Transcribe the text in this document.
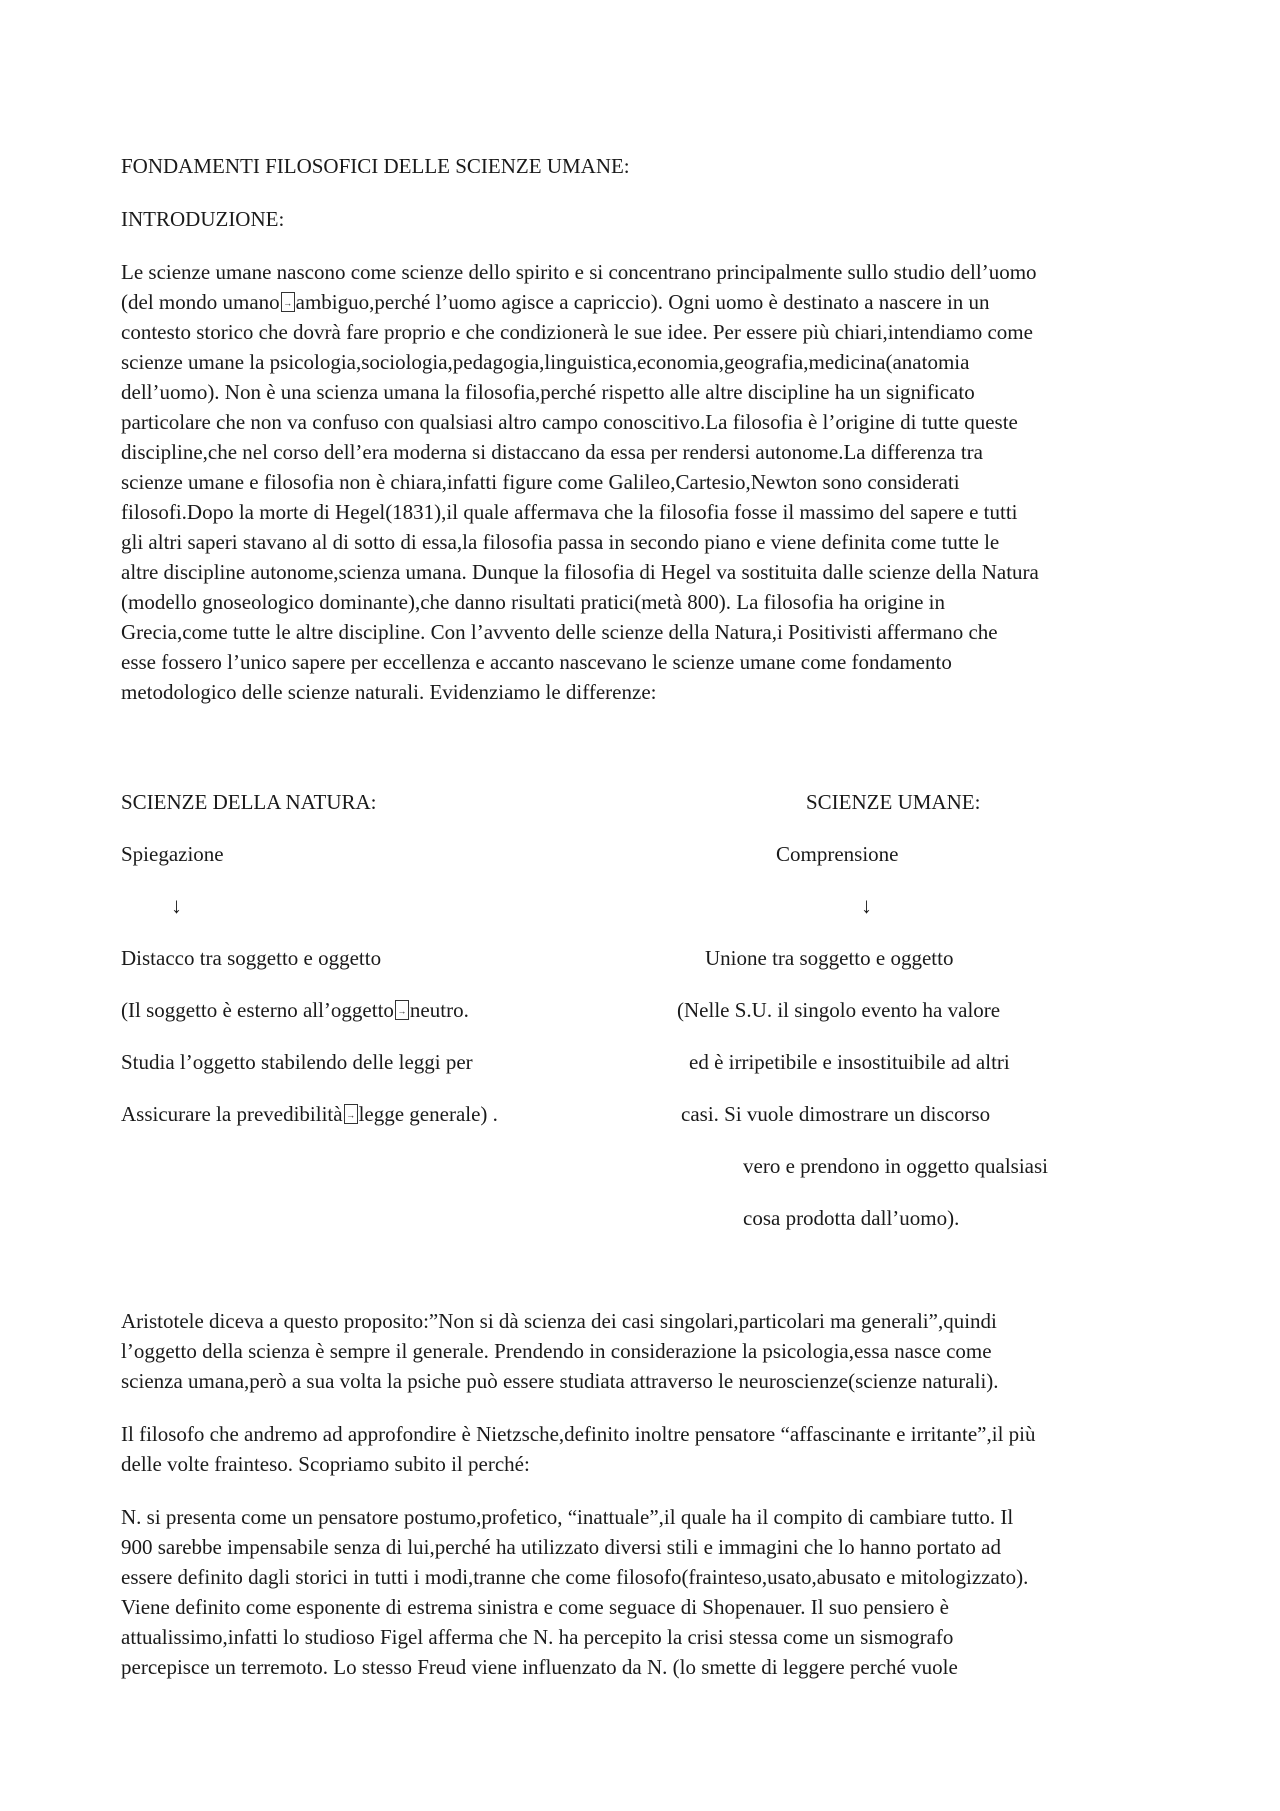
FONDAMENTI FILOSOFICI DELLE SCIENZE UMANE:

INTRODUZIONE:

Le scienze umane nascono come scienze dello spirito e si concentrano principalmente sullo studio dell’uomo
(del mondo umano → ambiguo,perché l’uomo agisce a capriccio). Ogni uomo è destinato a nascere in un
contesto storico che dovrà fare proprio e che condizionerà le sue idee. Per essere più chiari,intendiamo come
scienze umane la psicologia,sociologia,pedagogia,linguistica,economia,geografia,medicina(anatomia
dell’uomo). Non è una scienza umana la filosofia,perché rispetto alle altre discipline ha un significato
particolare che non va confuso con qualsiasi altro campo conoscitivo.La filosofia è l’origine di tutte queste
discipline,che nel corso dell’era moderna si distaccano da essa per rendersi autonome.La differenza tra
scienze umane e filosofia non è chiara,infatti figure come Galileo,Cartesio,Newton sono considerati
filosofi.Dopo la morte di Hegel(1831),il quale affermava che la filosofia fosse il massimo del sapere e tutti
gli altri saperi stavano al di sotto di essa,la filosofia passa in secondo piano e viene definita come tutte le
altre discipline autonome,scienza umana. Dunque la filosofia di Hegel va sostituita dalle scienze della Natura
(modello gnoseologico dominante),che danno risultati pratici(metà 800). La filosofia ha origine in
Grecia,come tutte le altre discipline. Con l’avvento delle scienze della Natura,i Positivisti affermano che
esse fossero l’unico sapere per eccellenza e accanto nascevano le scienze umane come fondamento
metodologico delle scienze naturali. Evidenziamo le differenze:

SCIENZE DELLA NATURA:

Spiegazione

↓

Distacco tra soggetto e oggetto

(Il soggetto è esterno all’oggetto → neutro.

Studia l’oggetto stabilendo delle leggi per

Assicurare la prevedibilità → legge generale) .

SCIENZE UMANE:

Comprensione

↓

Unione tra soggetto e oggetto

(Nelle S.U. il singolo evento ha valore

ed è irripetibile e insostituibile ad altri

casi. Si vuole dimostrare un discorso

vero e prendono in oggetto qualsiasi

cosa prodotta dall’uomo).

Aristotele diceva a questo proposito:”Non si dà scienza dei casi singolari,particolari ma generali”,quindi
l’oggetto della scienza è sempre il generale. Prendendo in considerazione la psicologia,essa nasce come
scienza umana,però a sua volta la psiche può essere studiata attraverso le neuroscienze(scienze naturali).
Il filosofo che andremo ad approfondire è Nietzsche,definito inoltre pensatore “affascinante e irritante”,il più
delle volte frainteso. Scopriamo subito il perché:
N. si presenta come un pensatore postumo,profetico, “inattuale”,il quale ha il compito di cambiare tutto. Il
900 sarebbe impensabile senza di lui,perché ha utilizzato diversi stili e immagini che lo hanno portato ad
essere definito dagli storici in tutti i modi,tranne che come filosofo(frainteso,usato,abusato e mitologizzato).
Viene definito come esponente di estrema sinistra e come seguace di Shopenauer. Il suo pensiero è
attualissimo,infatti lo studioso Figel afferma che N. ha percepito la crisi stessa come un sismografo
percepisce un terremoto. Lo stesso Freud viene influenzato da N. (lo smette di leggere perché vuole
